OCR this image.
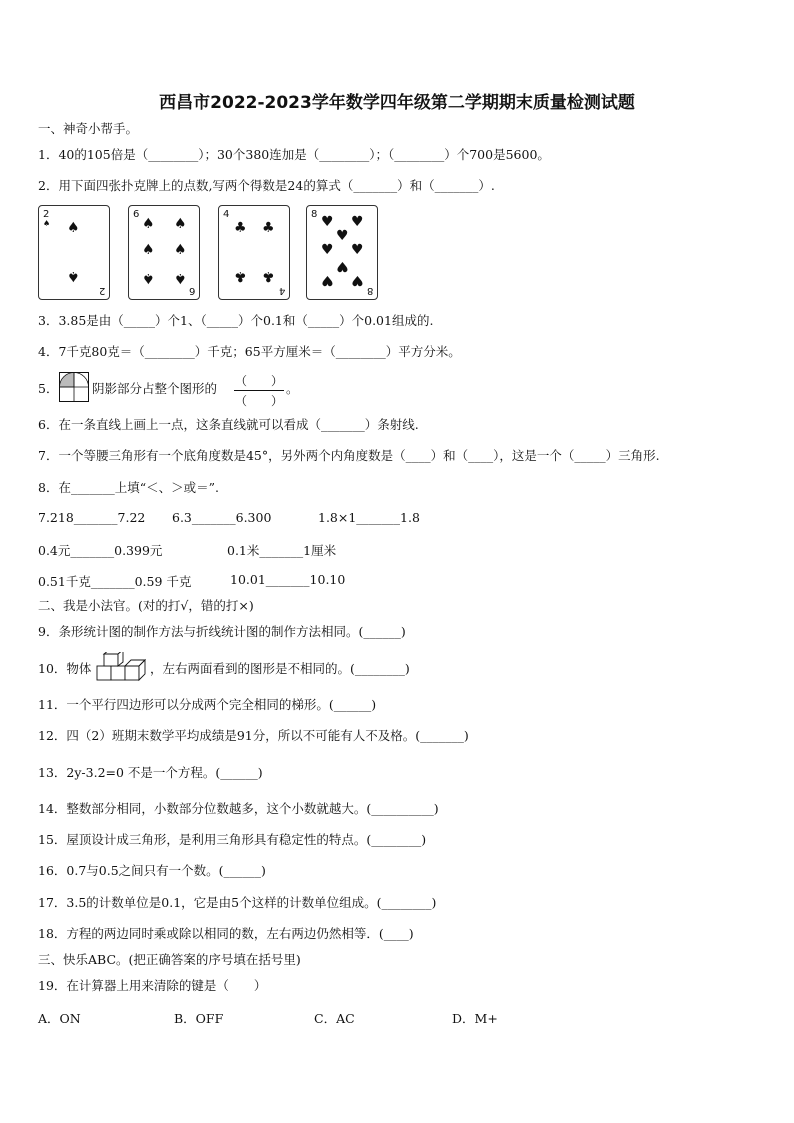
西昌市2022-2023学年数学四年级第二学期期末质量检测试题
一、神奇小帮手。
1．40的105倍是（________）；30个380连加是（________）；（________）个700是5600。
2．用下面四张扑克牌上的点数,写两个得数是24的算式（_______）和（_______）.
2
♠ ♠
♠
2
6
♠ ♠
♠ ♠
♠ ♠
6
4
♣ ♣
♣ ♣
4
8 ♥ ♥
♥
♥ ♥
♥
♥ ♥
8
3．3.85是由（_____）个1、（_____）个0.1和（_____）个0.01组成的.
4．7千克80克＝（________）千克；65平方厘米＝（________）平方分米。
5．	阴影部分占整个图形的 （　　）
（　　）
。
6．在一条直线上画上一点，这条直线就可以看成（_______）条射线.
7．一个等腰三角形有一个底角度数是45°，另外两个内角度数是（____）和（____），这是一个（_____）三角形.
8．在_______上填“＜、＞或＝”.
7.218_______7.22 6.3_______6.300	1.8×1_______1.8
0.4元_______0.399元	0.1米_______1厘米
0.51千克_______0.59 千克	10.01_______10.10
二、我是小法官。(对的打√，错的打×)
9．条形统计图的制作方法与折线统计图的制作方法相同。(______)
10．物体	，左右两面看到的图形是不相同的。(________)
11．一个平行四边形可以分成两个完全相同的梯形。(______)
12．四（2）班期末数学平均成绩是91分，所以不可能有人不及格。(_______)
13．2y-3.2=0 不是一个方程。(______)
14．整数部分相同，小数部分位数越多，这个小数就越大。(__________)
15．屋顶设计成三角形，是利用三角形具有稳定性的特点。(________)
16．0.7与0.5之间只有一个数。(______)
17．3.5的计数单位是0.1，它是由5个这样的计数单位组成。(________)
18．方程的两边同时乘或除以相同的数，左右两边仍然相等．(____)
三、快乐ABC。(把正确答案的序号填在括号里)
19．在计算器上用来清除的键是（　　）
A．ON	B．OFF	C．AC	D．M+
